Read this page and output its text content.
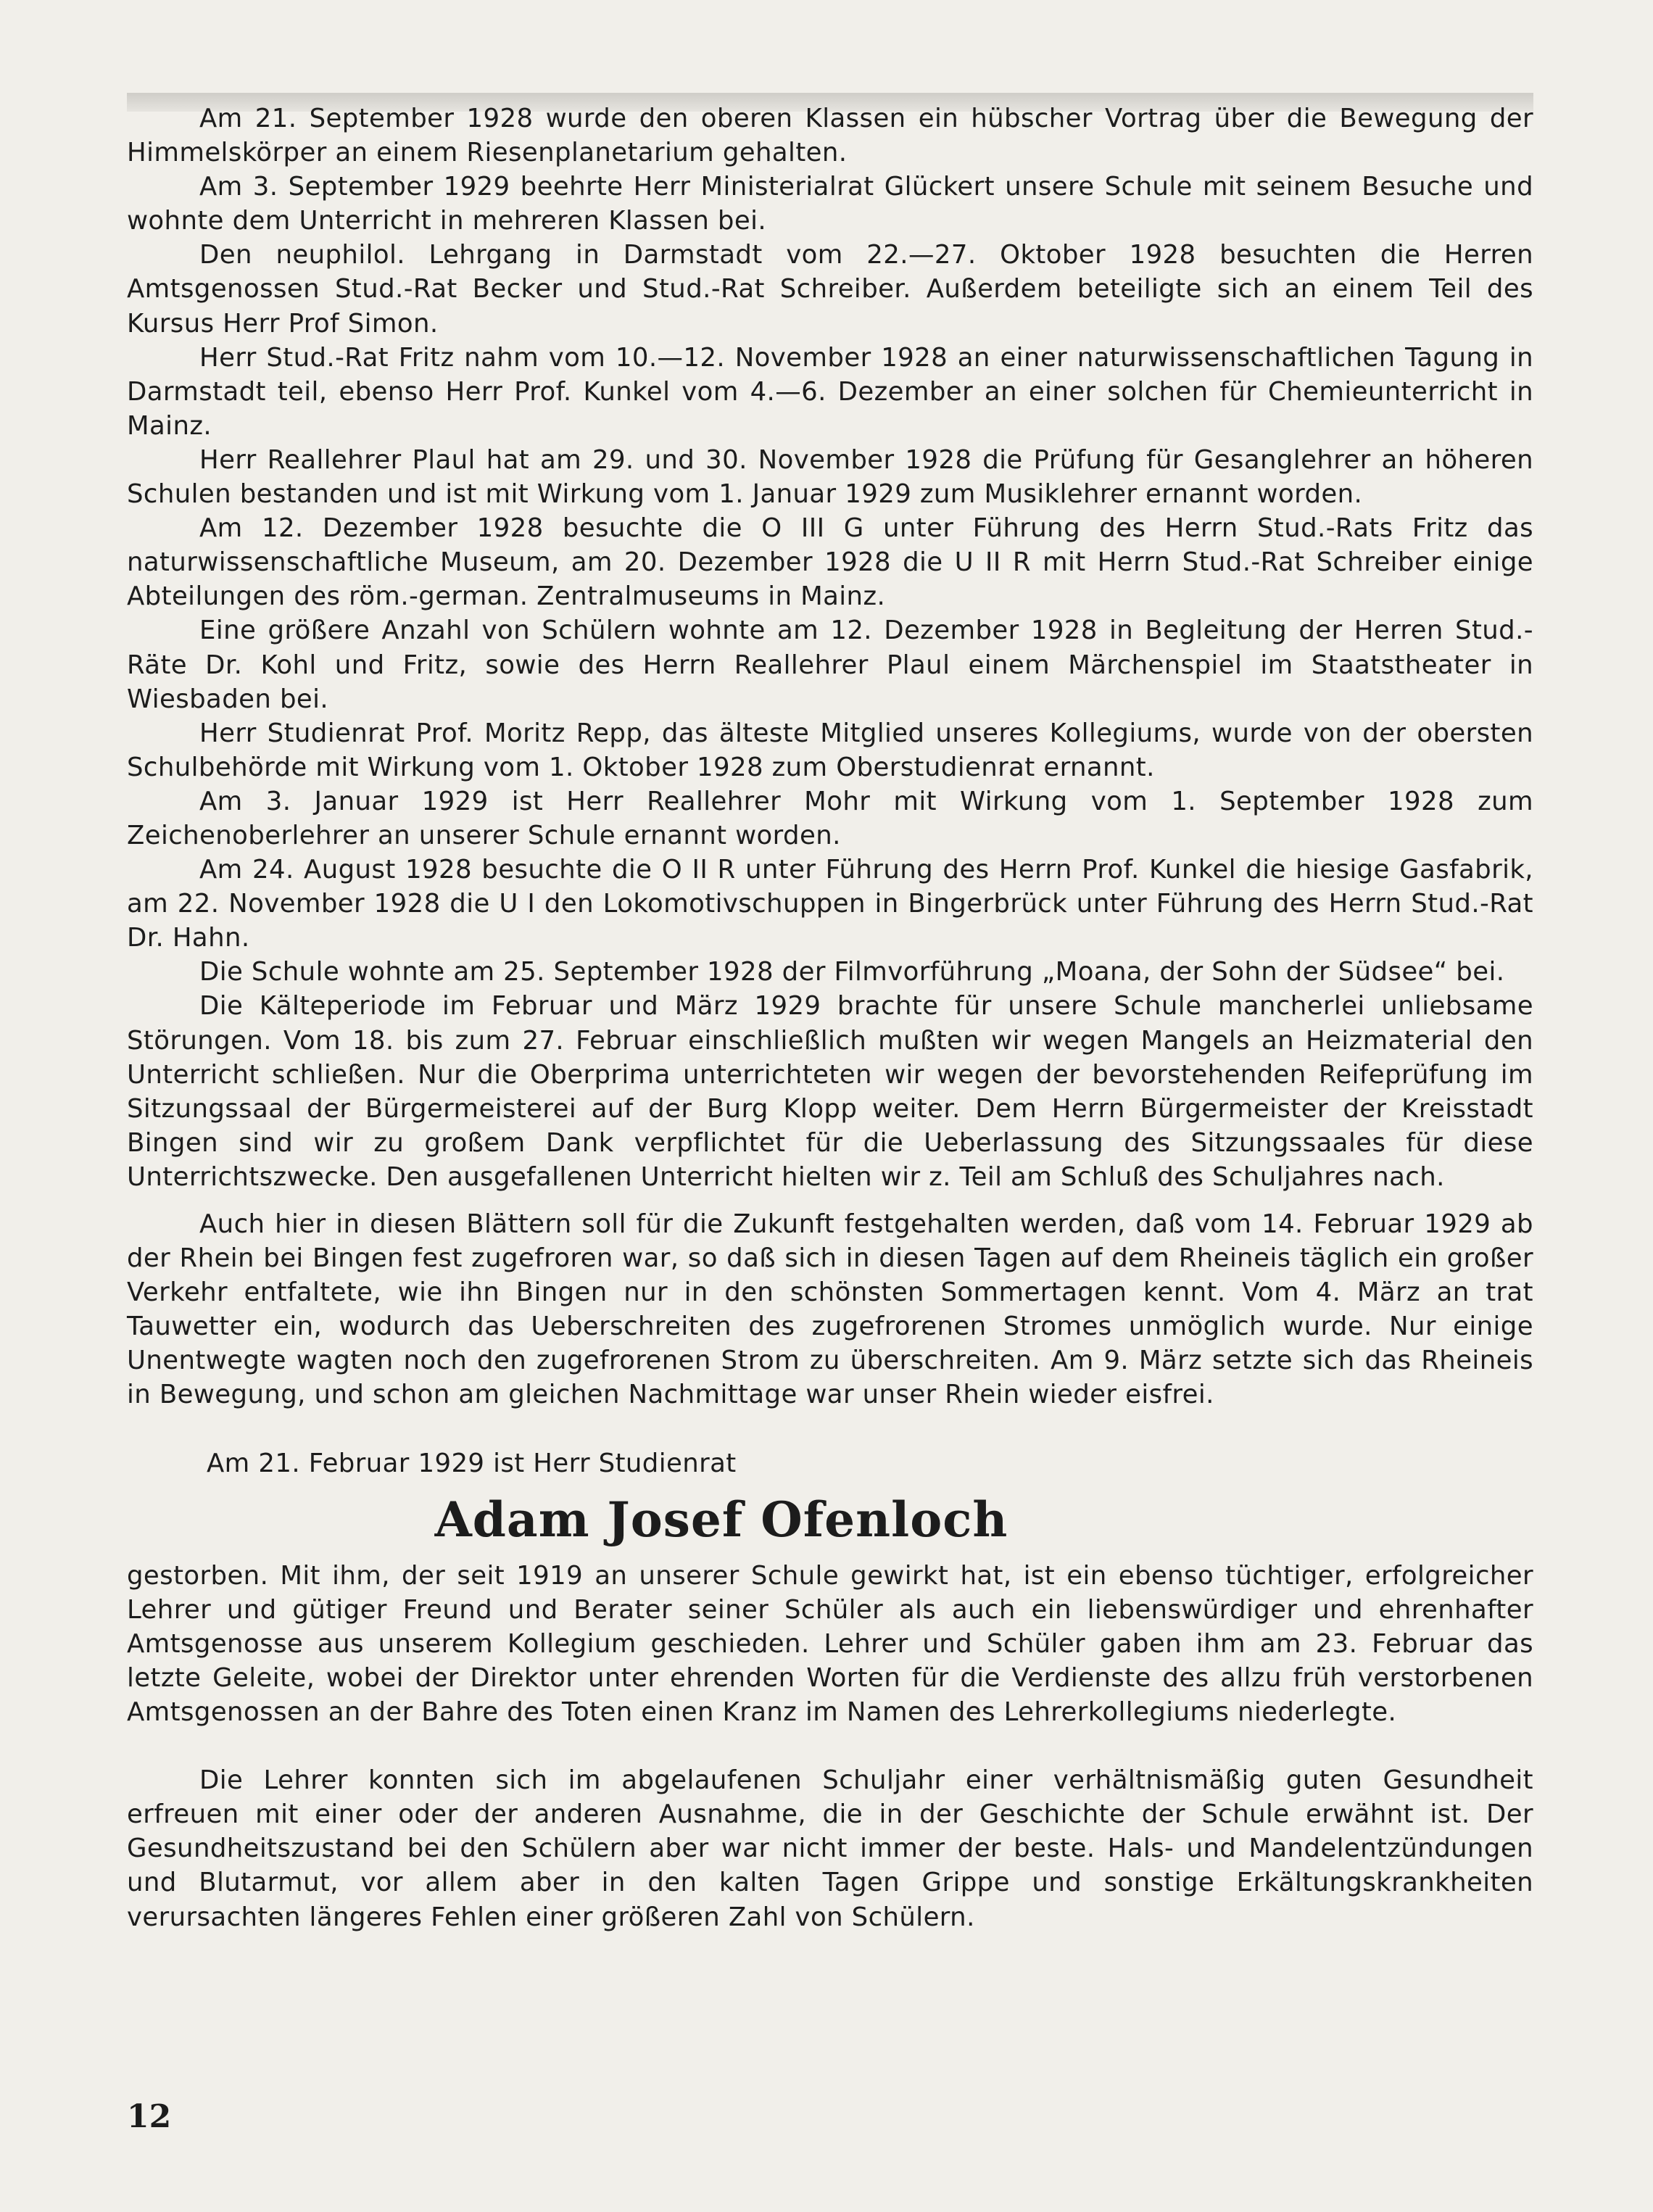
Am 21. September 1928 wurde den oberen Klassen ein hübscher Vortrag über die Bewegung der Himmelskörper an einem Riesenplanetarium gehalten.

Am 3. September 1929 beehrte Herr Ministerialrat Glückert unsere Schule mit seinem Besuche und wohnte dem Unterricht in mehreren Klassen bei.

Den neuphilol. Lehrgang in Darmstadt vom 22.—27. Oktober 1928 besuchten die Herren Amtsgenossen Stud.-Rat Becker und Stud.-Rat Schreiber. Außerdem beteiligte sich an einem Teil des Kursus Herr Prof Simon.

Herr Stud.-Rat Fritz nahm vom 10.—12. November 1928 an einer naturwissenschaftlichen Tagung in Darmstadt teil, ebenso Herr Prof. Kunkel vom 4.—6. Dezember an einer solchen für Chemieunterricht in Mainz.

Herr Reallehrer Plaul hat am 29. und 30. November 1928 die Prüfung für Gesanglehrer an höheren Schulen bestanden und ist mit Wirkung vom 1. Januar 1929 zum Musiklehrer ernannt worden.

Am 12. Dezember 1928 besuchte die O III G unter Führung des Herrn Stud.-Rats Fritz das naturwissenschaftliche Museum, am 20. Dezember 1928 die U II R mit Herrn Stud.-Rat Schreiber einige Abteilungen des röm.-german. Zentralmuseums in Mainz.

Eine größere Anzahl von Schülern wohnte am 12. Dezember 1928 in Begleitung der Herren Stud.-Räte Dr. Kohl und Fritz, sowie des Herrn Reallehrer Plaul einem Märchenspiel im Staatstheater in Wiesbaden bei.

Herr Studienrat Prof. Moritz Repp, das älteste Mitglied unseres Kollegiums, wurde von der obersten Schulbehörde mit Wirkung vom 1. Oktober 1928 zum Oberstudienrat ernannt.

Am 3. Januar 1929 ist Herr Reallehrer Mohr mit Wirkung vom 1. September 1928 zum Zeichenoberlehrer an unserer Schule ernannt worden.

Am 24. August 1928 besuchte die O II R unter Führung des Herrn Prof. Kunkel die hiesige Gasfabrik, am 22. November 1928 die U I den Lokomotivschuppen in Bingerbrück unter Führung des Herrn Stud.-Rat Dr. Hahn.

Die Schule wohnte am 25. September 1928 der Filmvorführung „Moana, der Sohn der Südsee“ bei.

Die Kälteperiode im Februar und März 1929 brachte für unsere Schule mancherlei unliebsame Störungen. Vom 18. bis zum 27. Februar einschließlich mußten wir wegen Mangels an Heizmaterial den Unterricht schließen. Nur die Oberprima unterrichteten wir wegen der bevorstehenden Reifeprüfung im Sitzungssaal der Bürgermeisterei auf der Burg Klopp weiter. Dem Herrn Bürgermeister der Kreisstadt Bingen sind wir zu großem Dank verpflichtet für die Ueberlassung des Sitzungssaales für diese Unterrichtszwecke. Den ausgefallenen Unterricht hielten wir z. Teil am Schluß des Schuljahres nach.

Auch hier in diesen Blättern soll für die Zukunft festgehalten werden, daß vom 14. Februar 1929 ab der Rhein bei Bingen fest zugefroren war, so daß sich in diesen Tagen auf dem Rheineis täglich ein großer Verkehr entfaltete, wie ihn Bingen nur in den schönsten Sommertagen kennt. Vom 4. März an trat Tauwetter ein, wodurch das Ueberschreiten des zugefrorenen Stromes unmöglich wurde. Nur einige Unentwegte wagten noch den zugefrorenen Strom zu überschreiten. Am 9. März setzte sich das Rheineis in Bewegung, und schon am gleichen Nachmittage war unser Rhein wieder eisfrei.

Am 21. Februar 1929 ist Herr Studienrat

Adam Josef Ofenloch

gestorben. Mit ihm, der seit 1919 an unserer Schule gewirkt hat, ist ein ebenso tüchtiger, erfolgreicher Lehrer und gütiger Freund und Berater seiner Schüler als auch ein liebenswürdiger und ehrenhafter Amtsgenosse aus unserem Kollegium geschieden. Lehrer und Schüler gaben ihm am 23. Februar das letzte Geleite, wobei der Direktor unter ehrenden Worten für die Verdienste des allzu früh verstorbenen Amtsgenossen an der Bahre des Toten einen Kranz im Namen des Lehrerkollegiums niederlegte.

Die Lehrer konnten sich im abgelaufenen Schuljahr einer verhältnismäßig guten Gesundheit erfreuen mit einer oder der anderen Ausnahme, die in der Geschichte der Schule erwähnt ist. Der Gesundheitszustand bei den Schülern aber war nicht immer der beste. Hals- und Mandelentzündungen und Blutarmut, vor allem aber in den kalten Tagen Grippe und sonstige Erkältungskrankheiten verursachten längeres Fehlen einer größeren Zahl von Schülern.

12
